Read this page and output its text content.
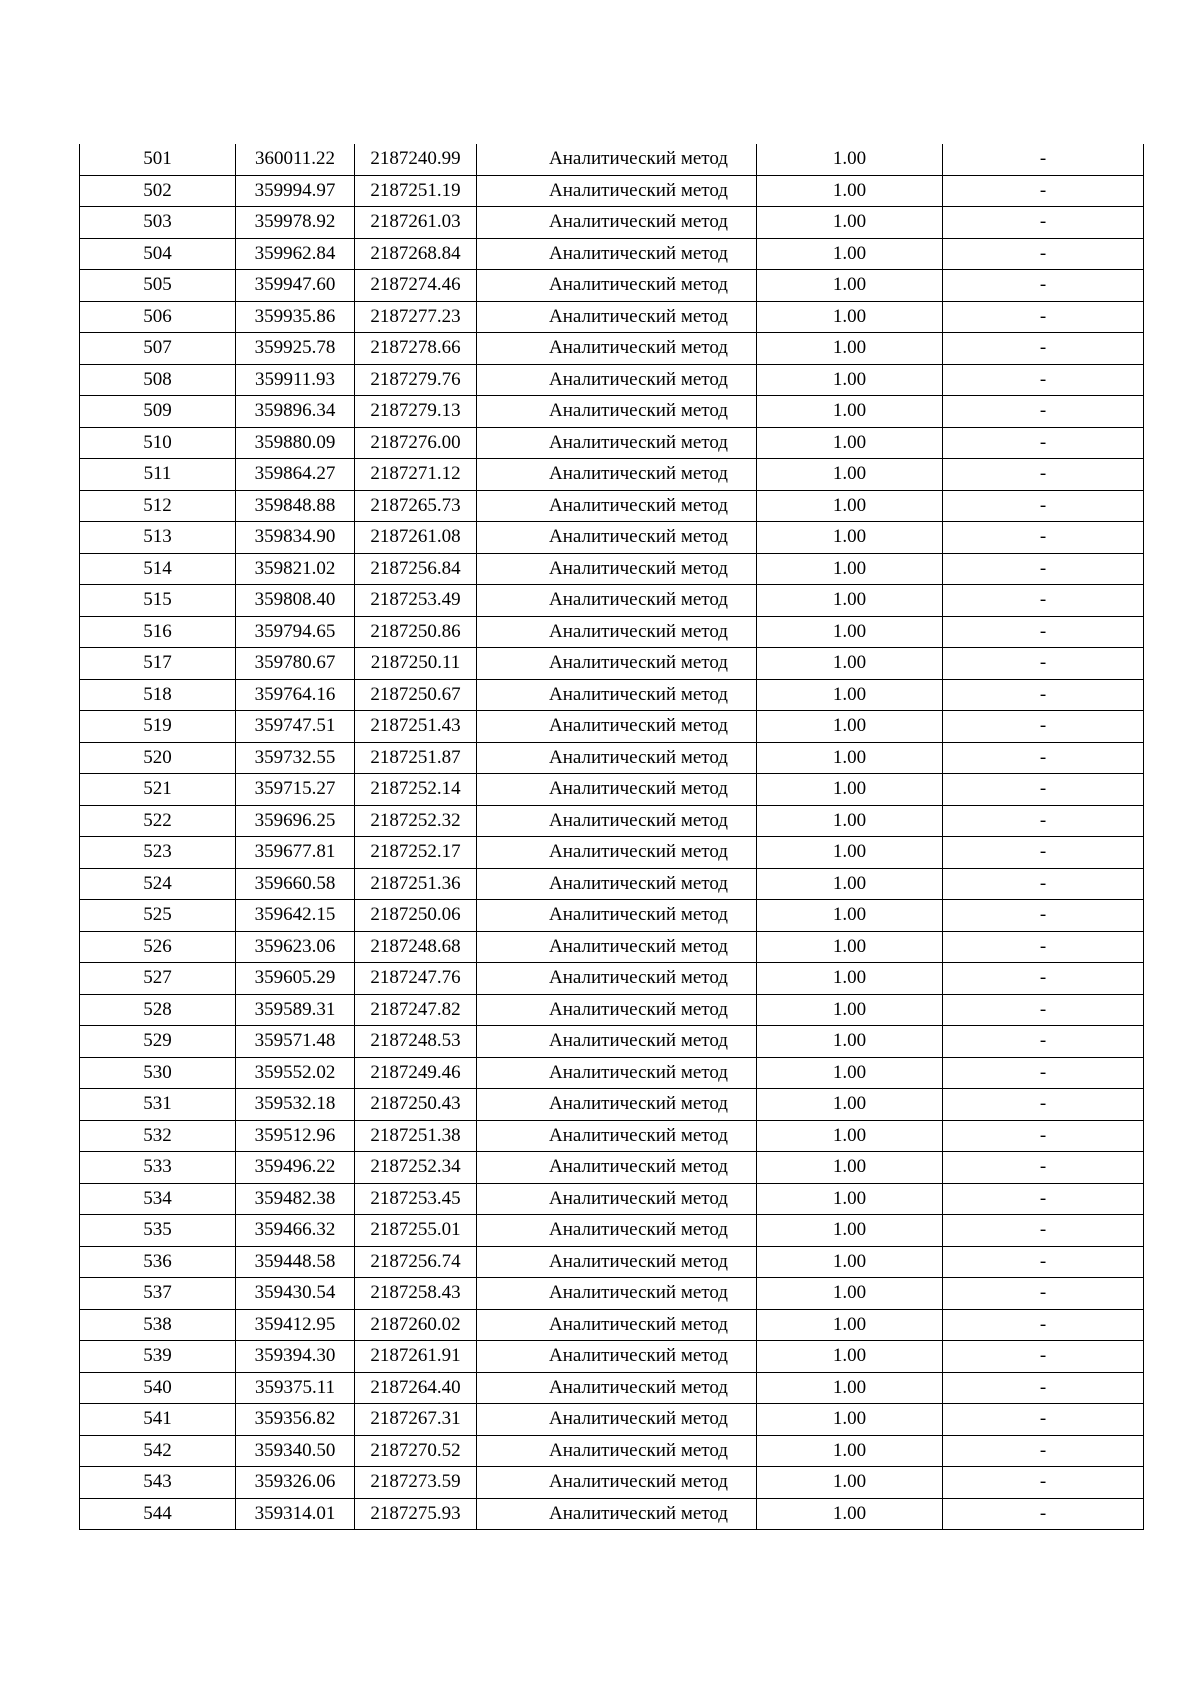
501	360011.22	2187240.99	Аналитический метод	1.00	-
502	359994.97	2187251.19	Аналитический метод	1.00	-
503	359978.92	2187261.03	Аналитический метод	1.00	-
504	359962.84	2187268.84	Аналитический метод	1.00	-
505	359947.60	2187274.46	Аналитический метод	1.00	-
506	359935.86	2187277.23	Аналитический метод	1.00	-
507	359925.78	2187278.66	Аналитический метод	1.00	-
508	359911.93	2187279.76	Аналитический метод	1.00	-
509	359896.34	2187279.13	Аналитический метод	1.00	-
510	359880.09	2187276.00	Аналитический метод	1.00	-
511	359864.27	2187271.12	Аналитический метод	1.00	-
512	359848.88	2187265.73	Аналитический метод	1.00	-
513	359834.90	2187261.08	Аналитический метод	1.00	-
514	359821.02	2187256.84	Аналитический метод	1.00	-
515	359808.40	2187253.49	Аналитический метод	1.00	-
516	359794.65	2187250.86	Аналитический метод	1.00	-
517	359780.67	2187250.11	Аналитический метод	1.00	-
518	359764.16	2187250.67	Аналитический метод	1.00	-
519	359747.51	2187251.43	Аналитический метод	1.00	-
520	359732.55	2187251.87	Аналитический метод	1.00	-
521	359715.27	2187252.14	Аналитический метод	1.00	-
522	359696.25	2187252.32	Аналитический метод	1.00	-
523	359677.81	2187252.17	Аналитический метод	1.00	-
524	359660.58	2187251.36	Аналитический метод	1.00	-
525	359642.15	2187250.06	Аналитический метод	1.00	-
526	359623.06	2187248.68	Аналитический метод	1.00	-
527	359605.29	2187247.76	Аналитический метод	1.00	-
528	359589.31	2187247.82	Аналитический метод	1.00	-
529	359571.48	2187248.53	Аналитический метод	1.00	-
530	359552.02	2187249.46	Аналитический метод	1.00	-
531	359532.18	2187250.43	Аналитический метод	1.00	-
532	359512.96	2187251.38	Аналитический метод	1.00	-
533	359496.22	2187252.34	Аналитический метод	1.00	-
534	359482.38	2187253.45	Аналитический метод	1.00	-
535	359466.32	2187255.01	Аналитический метод	1.00	-
536	359448.58	2187256.74	Аналитический метод	1.00	-
537	359430.54	2187258.43	Аналитический метод	1.00	-
538	359412.95	2187260.02	Аналитический метод	1.00	-
539	359394.30	2187261.91	Аналитический метод	1.00	-
540	359375.11	2187264.40	Аналитический метод	1.00	-
541	359356.82	2187267.31	Аналитический метод	1.00	-
542	359340.50	2187270.52	Аналитический метод	1.00	-
543	359326.06	2187273.59	Аналитический метод	1.00	-
544	359314.01	2187275.93	Аналитический метод	1.00	-
